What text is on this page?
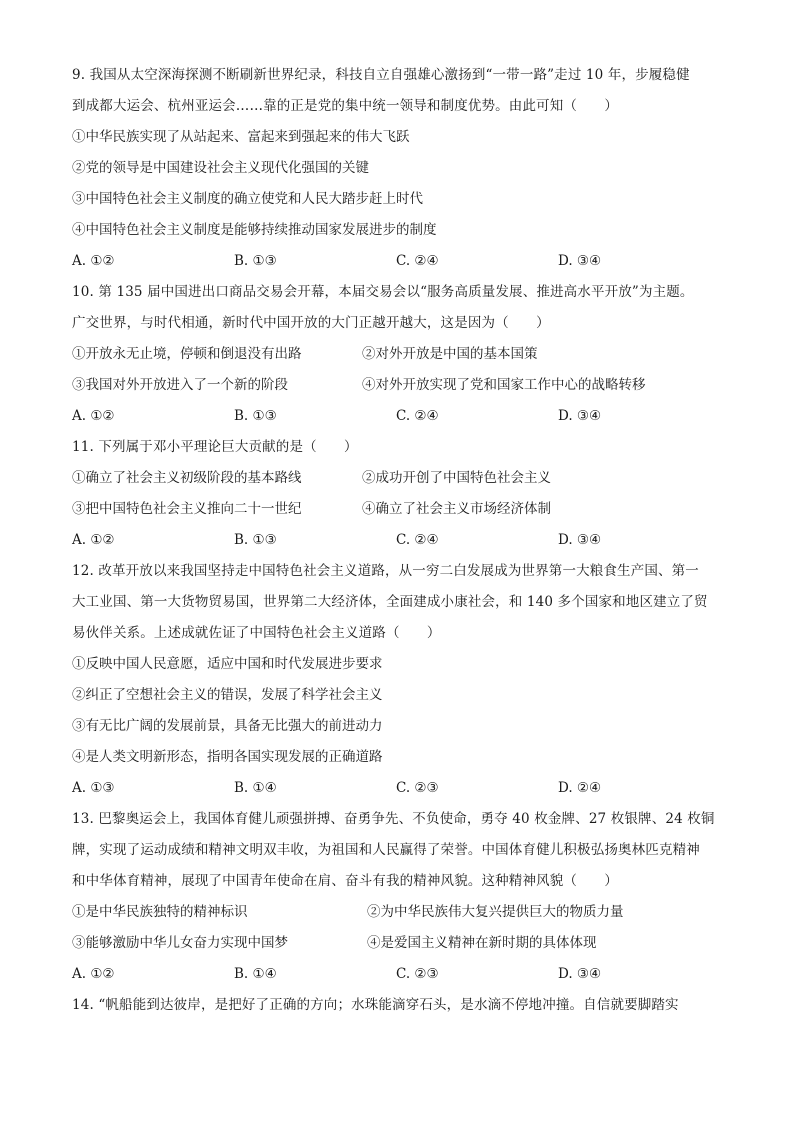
9. 我国从太空深海探测不断刷新世界纪录，科技自立自强雄心激扬到“一带一路”走过 10 年，步履稳健
到成都大运会、杭州亚运会……靠的正是党的集中统一领导和制度优势。由此可知（　　）
①中华民族实现了从站起来、富起来到强起来的伟大飞跃
②党的领导是中国建设社会主义现代化强国的关键
③中国特色社会主义制度的确立使党和人民大踏步赶上时代
④中国特色社会主义制度是能够持续推动国家发展进步的制度
A. ①②	B. ①③	C. ②④	D. ③④
10. 第 135 届中国进出口商品交易会开幕，本届交易会以“服务高质量发展、推进高水平开放”为主题。
广交世界，与时代相通，新时代中国开放的大门正越开越大，这是因为（　　）
①开放永无止境，停顿和倒退没有出路	②对外开放是中国的基本国策
③我国对外开放进入了一个新的阶段	④对外开放实现了党和国家工作中心的战略转移
A. ①②	B. ①③	C. ②④	D. ③④
11. 下列属于邓小平理论巨大贡献的是（　　）
①确立了社会主义初级阶段的基本路线	②成功开创了中国特色社会主义
③把中国特色社会主义推向二十一世纪	④确立了社会主义市场经济体制
A. ①②	B. ①③	C. ②④	D. ③④
12. 改革开放以来我国坚持走中国特色社会主义道路，从一穷二白发展成为世界第一大粮食生产国、第一
大工业国、第一大货物贸易国，世界第二大经济体，全面建成小康社会，和 140 多个国家和地区建立了贸
易伙伴关系。上述成就佐证了中国特色社会主义道路（　　）
①反映中国人民意愿，适应中国和时代发展进步要求
②纠正了空想社会主义的错误，发展了科学社会主义
③有无比广阔的发展前景，具备无比强大的前进动力
④是人类文明新形态，指明各国实现发展的正确道路
A. ①③	B. ①④	C. ②③	D. ②④
13. 巴黎奥运会上，我国体育健儿顽强拼搏、奋勇争先、不负使命，勇夺 40 枚金牌、27 枚银牌、24 枚铜
牌，实现了运动成绩和精神文明双丰收，为祖国和人民赢得了荣誉。中国体育健儿积极弘扬奥林匹克精神
和中华体育精神，展现了中国青年使命在肩、奋斗有我的精神风貌。这种精神风貌（　　）
①是中华民族独特的精神标识	②为中华民族伟大复兴提供巨大的物质力量
③能够激励中华儿女奋力实现中国梦	④是爱国主义精神在新时期的具体体现
A. ①②	B. ①④	C. ②③	D. ③④
14. “帆船能到达彼岸，是把好了正确的方向；水珠能滴穿石头，是水滴不停地冲撞。自信就要脚踏实
